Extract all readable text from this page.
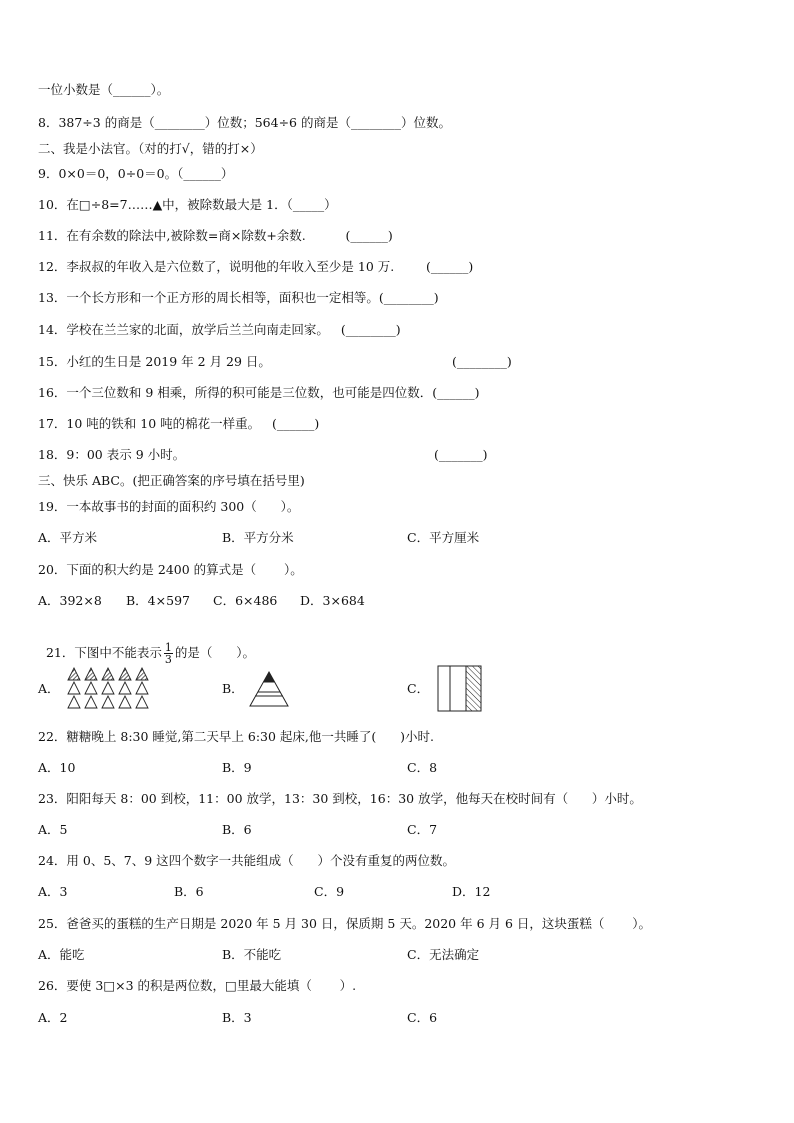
一位小数是（______）。
8．387÷3 的商是（________）位数；564÷6 的商是（________）位数。
二、我是小法官。（对的打√，错的打×）
9．0×0＝0，0÷0＝0。（______）
10．在□÷8=7……▲中，被除数最大是 1．（_____）
11．在有余数的除法中,被除数=商×除数+余数.          (______)
12．李叔叔的年收入是六位数了，说明他的年收入至少是 10 万.        (______)
13．一个长方形和一个正方形的周长相等，面积也一定相等。(________)
14．学校在兰兰家的北面，放学后兰兰向南走回家。   (________)
15．小红的生日是 2019 年 2 月 29 日。	(________)
16．一个三位数和 9 相乘，所得的积可能是三位数，也可能是四位数．(______)
17．10 吨的铁和 10 吨的棉花一样重。   (______)
18．9：00 表示 9 小时。	(_______)
三、快乐 ABC。(把正确答案的序号填在括号里)
19．一本故事书的封面的面积约 300（      ）。
A．平方米	B．平方分米	C．平方厘米
20．下面的积大约是 2400 的算式是（       ）。
A．392×8 B．4×597 C．6×486 D．3×684

21．下图中不能表示 $\frac{1}{3}$ 的是（      ）。

A．	B．	C．
22．糖糖晚上 8:30 睡觉,第二天早上 6:30 起床,他一共睡了(      )小时.
A．10	B．9	C．8
23．阳阳每天 8：00 到校，11：00 放学，13：30 到校，16：30 放学，他每天在校时间有（      ）小时。
A．5	B．6	C．7
24．用 0、5、7、9 这四个数字一共能组成（      ）个没有重复的两位数。
A．3	B．6	C．9	D．12
25．爸爸买的蛋糕的生产日期是 2020 年 5 月 30 日，保质期 5 天。2020 年 6 月 6 日，这块蛋糕（       ）。
A．能吃	B．不能吃	C．无法确定
26．要使 3□×3 的积是两位数，□里最大能填（       ）.
A．2	B．3	C．6
